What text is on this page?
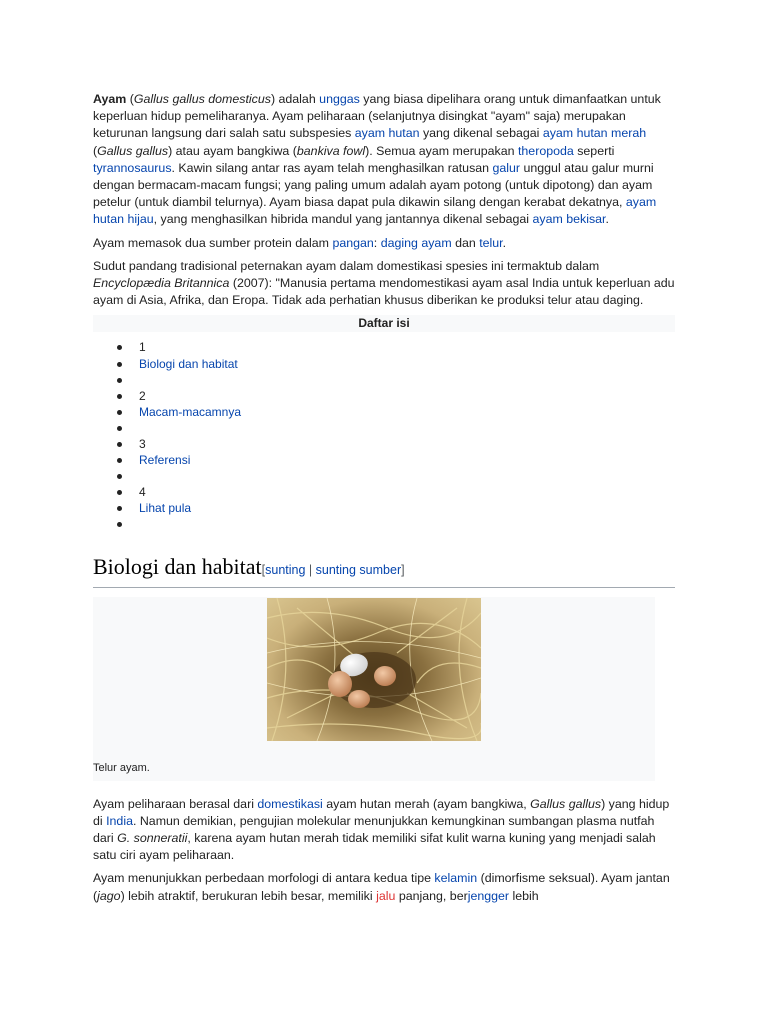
Ayam (Gallus gallus domesticus) adalah unggas yang biasa dipelihara orang untuk dimanfaatkan untuk keperluan hidup pemeliharanya. Ayam peliharaan (selanjutnya disingkat "ayam" saja) merupakan keturunan langsung dari salah satu subspesies ayam hutan yang dikenal sebagai ayam hutan merah (Gallus gallus) atau ayam bangkiwa (bankiva fowl). Semua ayam merupakan theropoda seperti tyrannosaurus. Kawin silang antar ras ayam telah menghasilkan ratusan galur unggul atau galur murni dengan bermacam-macam fungsi; yang paling umum adalah ayam potong (untuk dipotong) dan ayam petelur (untuk diambil telurnya). Ayam biasa dapat pula dikawin silang dengan kerabat dekatnya, ayam hutan hijau, yang menghasilkan hibrida mandul yang jantannya dikenal sebagai ayam bekisar.

Ayam memasok dua sumber protein dalam pangan: daging ayam dan telur.

Sudut pandang tradisional peternakan ayam dalam domestikasi spesies ini termaktub dalam Encyclopædia Britannica (2007): "Manusia pertama mendomestikasi ayam asal India untuk keperluan adu ayam di Asia, Afrika, dan Eropa. Tidak ada perhatian khusus diberikan ke produksi telur atau daging.

Daftar isi
1
Biologi dan habitat
2
Macam-macamnya
3
Referensi
4
Lihat pula
Biologi dan habitat[sunting | sunting sumber]
Telur ayam.

Ayam peliharaan berasal dari domestikasi ayam hutan merah (ayam bangkiwa, Gallus gallus) yang hidup di India. Namun demikian, pengujian molekular menunjukkan kemungkinan sumbangan plasma nutfah dari G. sonneratii, karena ayam hutan merah tidak memiliki sifat kulit warna kuning yang menjadi salah satu ciri ayam peliharaan.

Ayam menunjukkan perbedaan morfologi di antara kedua tipe kelamin (dimorfisme seksual). Ayam jantan (jago) lebih atraktif, berukuran lebih besar, memiliki jalu panjang, berjengger lebih
